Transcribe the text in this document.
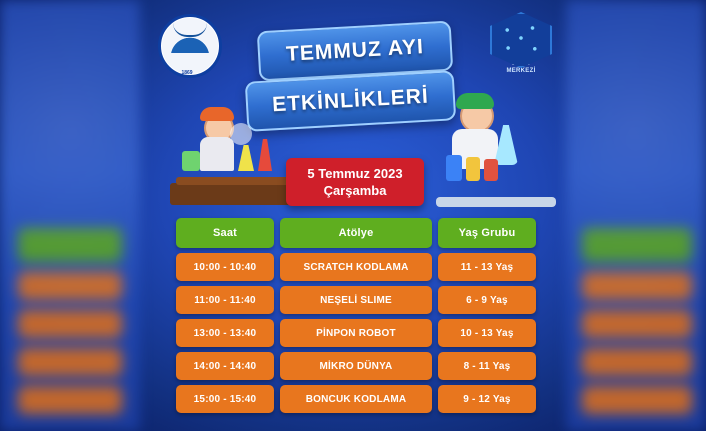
1869	MERKEZİ
TEMMUZ AYI
ETKİNLİKLERİ
5 Temmuz 2023
Çarşamba
Saat	Atölye	Yaş Grubu
10:00 - 10:40	SCRATCH KODLAMA	11 - 13 Yaş
11:00 - 11:40	NEŞELİ SLIME	6 - 9 Yaş
13:00 - 13:40	PİNPON ROBOT	10 - 13 Yaş
14:00 - 14:40	MİKRO DÜNYA	8 - 11 Yaş
15:00 - 15:40	BONCUK KODLAMA	9 - 12 Yaş
